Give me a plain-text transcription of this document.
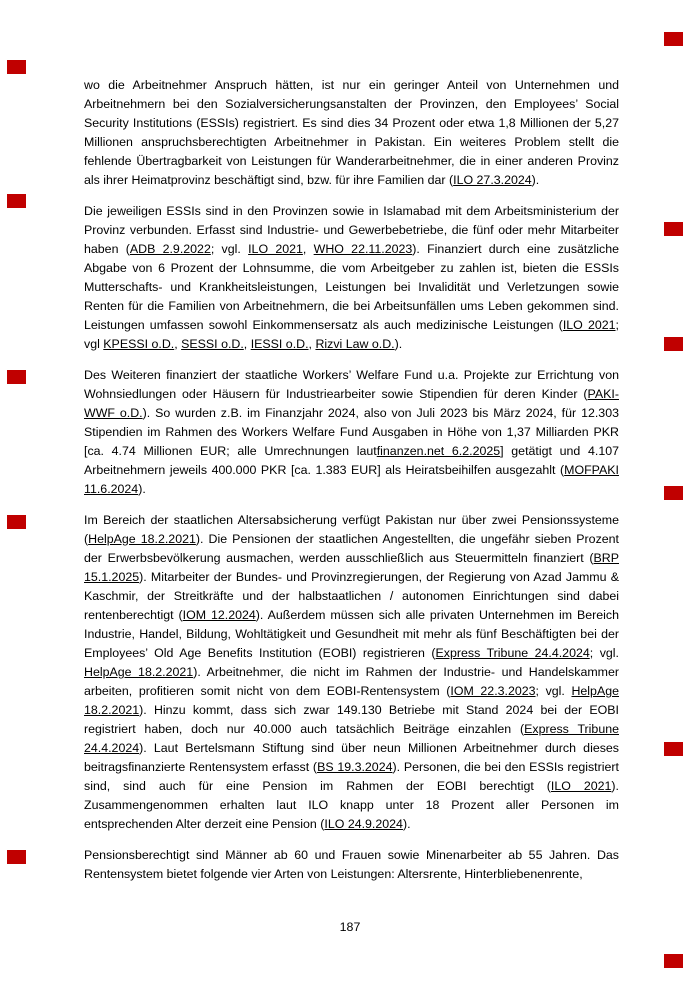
wo die Arbeitnehmer Anspruch hätten, ist nur ein geringer Anteil von Unternehmen und Arbeitnehmern bei den Sozialversicherungsanstalten der Provinzen, den Employees’ Social Security Institutions (ESSIs) registriert. Es sind dies 34 Prozent oder etwa 1,8 Millionen der 5,27 Millionen anspruchsberechtigten Arbeitnehmer in Pakistan. Ein weiteres Problem stellt die fehlende Übertragbarkeit von Leistungen für Wanderarbeitnehmer, die in einer anderen Provinz als ihrer Heimatprovinz beschäftigt sind, bzw. für ihre Familien dar (ILO 27.3.2024).

Die jeweiligen ESSIs sind in den Provinzen sowie in Islamabad mit dem Arbeitsministerium der Provinz verbunden. Erfasst sind Industrie- und Gewerbebetriebe, die fünf oder mehr Mitarbeiter haben (ADB 2.9.2022; vgl. ILO 2021, WHO 22.11.2023). Finanziert durch eine zusätzliche Abgabe von 6 Prozent der Lohnsumme, die vom Arbeitgeber zu zahlen ist, bieten die ESSIs Mutterschafts- und Krankheitsleistungen, Leistungen bei Invalidität und Verletzungen sowie Renten für die Familien von Arbeitnehmern, die bei Arbeitsunfällen ums Leben gekommen sind. Leistungen umfassen sowohl Einkommensersatz als auch medizinische Leistungen (ILO 2021; vgl KPESSI o.D., SESSI o.D., IESSI o.D., Rizvi Law o.D.).

Des Weiteren finanziert der staatliche Workers’ Welfare Fund u.a. Projekte zur Errichtung von Wohnsiedlungen oder Häusern für Industriearbeiter sowie Stipendien für deren Kinder (PAKI-WWF o.D.). So wurden z.B. im Finanzjahr 2024, also von Juli 2023 bis März 2024, für 12.303 Stipendien im Rahmen des Workers Welfare Fund Ausgaben in Höhe von 1,37 Milliarden PKR [ca. 4.74 Millionen EUR; alle Umrechnungen lautfinanzen.net 6.2.2025] getätigt und 4.107 Arbeitnehmern jeweils 400.000 PKR [ca. 1.383 EUR] als Heiratsbeihilfen ausgezahlt (MOFPAKI 11.6.2024).

Im Bereich der staatlichen Altersabsicherung verfügt Pakistan nur über zwei Pensionssysteme (HelpAge 18.2.2021). Die Pensionen der staatlichen Angestellten, die ungefähr sieben Prozent der Erwerbsbevölkerung ausmachen, werden ausschließlich aus Steuermitteln finanziert (BRP 15.1.2025). Mitarbeiter der Bundes- und Provinzregierungen, der Regierung von Azad Jammu & Kaschmir, der Streitkräfte und der halbstaatlichen / autonomen Einrichtungen sind dabei rentenberechtigt (IOM 12.2024). Außerdem müssen sich alle privaten Unternehmen im Bereich Industrie, Handel, Bildung, Wohltätigkeit und Gesundheit mit mehr als fünf Beschäftigten bei der Employees’ Old Age Benefits Institution (EOBI) registrieren (Express Tribune 24.4.2024; vgl. HelpAge 18.2.2021). Arbeitnehmer, die nicht im Rahmen der Industrie- und Handelskammer arbeiten, profitieren somit nicht von dem EOBI-Rentensystem (IOM 22.3.2023; vgl. HelpAge 18.2.2021). Hinzu kommt, dass sich zwar 149.130 Betriebe mit Stand 2024 bei der EOBI registriert haben, doch nur 40.000 auch tatsächlich Beiträge einzahlen (Express Tribune 24.4.2024). Laut Bertelsmann Stiftung sind über neun Millionen Arbeitnehmer durch dieses beitragsfinanzierte Rentensystem erfasst (BS 19.3.2024). Personen, die bei den ESSIs registriert sind, sind auch für eine Pension im Rahmen der EOBI berechtigt (ILO 2021). Zusammengenommen erhalten laut ILO knapp unter 18 Prozent aller Personen im entsprechenden Alter derzeit eine Pension (ILO 24.9.2024).

Pensionsberechtigt sind Männer ab 60 und Frauen sowie Minenarbeiter ab 55 Jahren. Das Rentensystem bietet folgende vier Arten von Leistungen: Altersrente, Hinterbliebenenrente,

187
